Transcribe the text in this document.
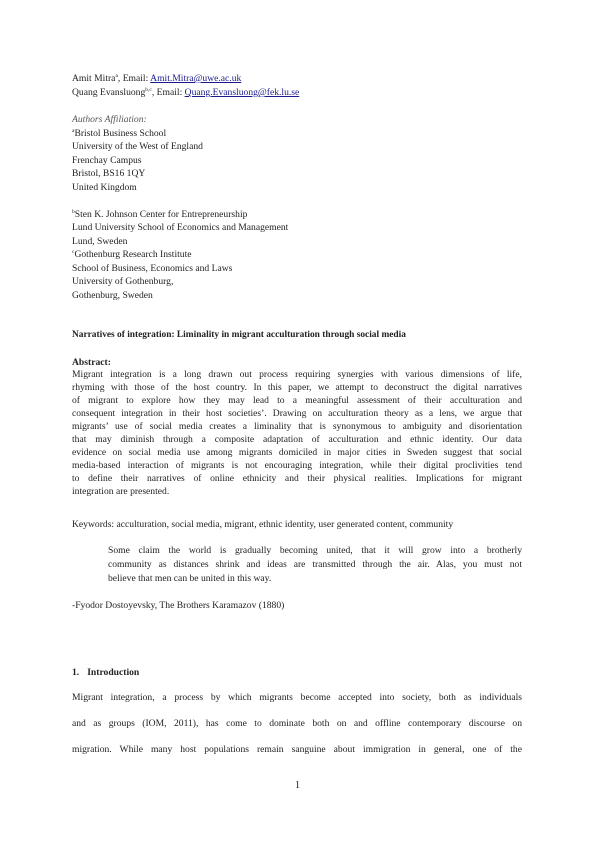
Amit Mitra$^a$, Email: Amit.Mitra@uwe.ac.uk
Quang Evansluong$^{b,c}$, Email: Quang.Evansluong@fek.lu.se
Authors Affiliation:
$^a$Bristol Business School
University of the West of England
Frenchay Campus
Bristol, BS16 1QY
United Kingdom
$^b$Sten K. Johnson Center for Entrepreneurship
Lund University School of Economics and Management
Lund, Sweden
$^c$Gothenburg Research Institute
School of Business, Economics and Laws
University of Gothenburg,
Gothenburg, Sweden
Narratives of integration: Liminality in migrant acculturation through social media
Abstract:
Migrant integration is a long drawn out process requiring synergies with various dimensions of life,
rhyming with those of the host country. In this paper, we attempt to deconstruct the digital narratives
of migrant to explore how they may lead to a meaningful assessment of their acculturation and
consequent integration in their host societies’. Drawing on acculturation theory as a lens, we argue that
migrants’ use of social media creates a liminality that is synonymous to ambiguity and disorientation
that may diminish through a composite adaptation of acculturation and ethnic identity. Our data
evidence on social media use among migrants domiciled in major cities in Sweden suggest that social
media-based interaction of migrants is not encouraging integration, while their digital proclivities tend
to define their narratives of online ethnicity and their physical realities. Implications for migrant
integration are presented.
Keywords: acculturation, social media, migrant, ethnic identity, user generated content, community
Some claim the world is gradually becoming united, that it will grow into a brotherly
community as distances shrink and ideas are transmitted through the air. Alas, you must not
believe that men can be united in this way.
-Fyodor Dostoyevsky, The Brothers Karamazov (1880)
1. Introduction
Migrant integration, a process by which migrants become accepted into society, both as individuals
and as groups (IOM, 2011), has come to dominate both on and offline contemporary discourse on
migration. While many host populations remain sanguine about immigration in general, one of the
1
